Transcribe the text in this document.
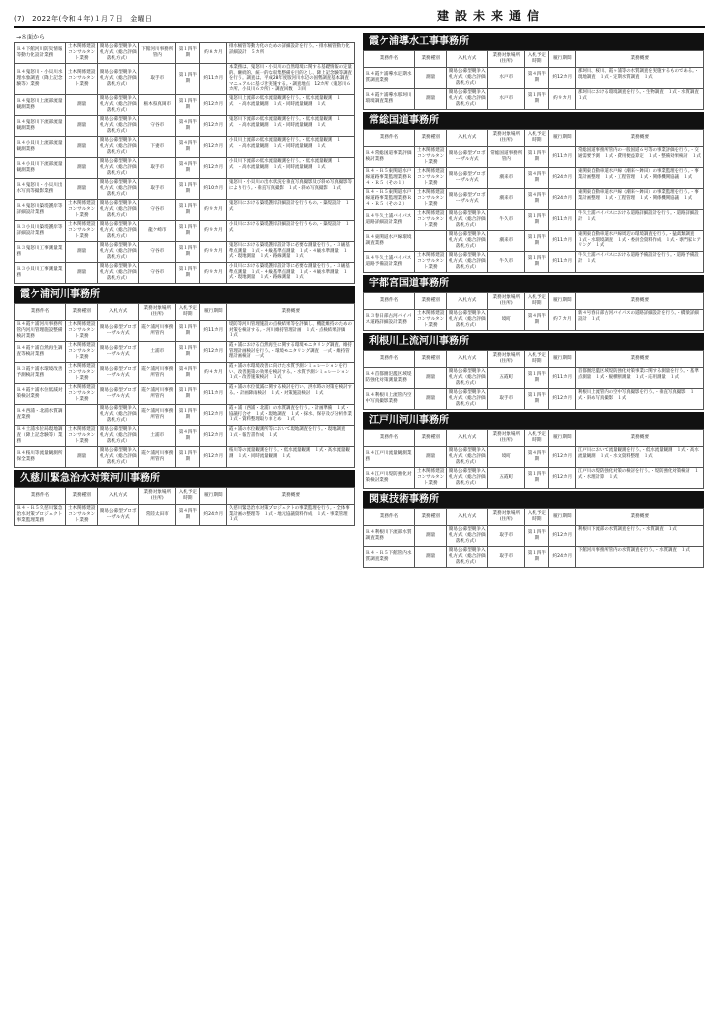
(7)　 2022年(令和４年)１月７日　金曜日	建設未来通信
→８面から
Ｒ４下館河川防災情報等動力化設計業務	土木関係建設コンサルタント業務	簡易公募型競争入札方式（総合評価落札方式）	下館河川事務所管内	第１四半期	約８カ月	排水桶管等動力化のための詳細設計を行う。・排水桶管動力化詳細設計　５カ所
Ｒ４鬼怒川・小貝川水理水象調査（降上記念験等）業務	土木関係建設コンサルタント業務	簡易公募型競争入札方式（総合評価落札方式）	取手市	第１四半期	約11カ月	本業務は、鬼怒川・小貝川の自然環境に関する基礎情報の定量的、継続的、統一的な収集整備を目的とし、降上記念験等調査を行う。調査は、平成28年度版河川水辺の国勢調査基本調査マニュアルに基づき実施する。・調査地点　12カ所（鬼怒川６カ所、小貝川６カ所）・調査回数　３回
Ｒ４鬼怒川上流部流量観測業務	測量	簡易公募型競争入札方式（総合評価落札方式）	栃木県真岡市	第１四半期	約12カ月	鬼怒川上流部の低水流量観測を行う。・低水流量観測　１式　・高水流量観測　１式・同時流量観測　１式
Ｒ４鬼怒川下流部流量観測業務	測量	簡易公募型競争入札方式（総合評価落札方式）	守谷市	第４四半期	約12カ月	鬼怒川下流部の低水流量観測を行う。・低水流量観測　１式　・高水流量観測　１式・同時流量観測　１式
Ｒ４小貝川上流部流量観測業務	測量	簡易公募型競争入札方式（総合評価落札方式）	下妻市	第４四半期	約12カ月	小貝川上流部の低水流量観測を行う。・低水流量観測　１式　・高水流量観測　１式・同時流量観測　１式
Ｒ４小貝川下流部流量観測業務	測量	簡易公募型競争入札方式（総合評価落札方式）	取手市	第４四半期	約12カ月	小貝川下流部の低水流量観測を行う。・低水流量観測　１式　・高水流量観測　１式・同時流量観測　１式
Ｒ４鬼怒川・小貝川出水写真等撮影業務	測量	簡易公募型競争入札方式（総合評価落札方式）	取手市	第１四半期	約10カ月	鬼怒川・小貝川の出水状況を垂直写真撮影及び斜め写真撮影等により行う。・垂直写真撮影　１式・斜め写真撮影　１式
Ｒ４鬼怒川築堤護岸等詳細設計業務	土木関係建設コンサルタント業務	簡易公募型競争入札方式（総合評価落札方式）	守谷市	第１四半期	約９カ月	鬼怒川における築堤護岸詳細設計を行うもの。・築堤設計　１式
Ｒ３小貝川築堤護岸等詳細設計業務	土木関係建設コンサルタント業務	簡易公募型競争入札方式（総合評価落札方式）	龍ケ崎市	第１四半期	約９カ月	小貝川における築堤護岸詳細設計を行うもの。・築堤設計　１式
Ｒ３鬼怒川工事測量業務	測量	簡易公募型競争入札方式（総合評価落札方式）	守谷市	第１四半期	約９カ月	鬼怒川における築堤護岸設計等に必要な測量を行う。・３級基準点測量　１式・４級基準点測量　１式・４級水準測量　１式・現地測量　１式・路線測量　１式
Ｒ３小貝川工事測量業務	測量	簡易公募型競争入札方式（総合評価落札方式）	守谷市	第１四半期	約９カ月	小貝川における築堤護岸設計等に必要な測量を行う。・３級基準点測量　１式・４級基準点測量　１式・４級水準測量　１式・現地測量　１式・路線測量　１式
霞ケ浦河川事務所
業務件名	業務種別	入札方式	業務対象場所(住所)	入札予定時期	履行期間	業務概要
Ｒ４霞ケ浦河川事務所管内河川管理施設整備検討業務	土木関係建設コンサルタント業務	簡易公募型プロポーザル方式	霞ケ浦河川事務所管内	第１四半期	約11カ月	堤防等河川管理施設の点検結果等を評価し、機能維持のための対策を検討する。・河川維持管理計画　１式・点検結果評価　１式
Ｒ４霞ケ浦自然再生調査等検討業務	土木関係建設コンサルタント業務	簡易公募型プロポーザル方式	土浦市	第１四半期	約12カ月	霞ヶ浦における自然再生に関する環境モニタリング調査、維持管理計画検討を行う。・環境モニタリング調査　一式・維持管理計画検討　一式
Ｒ３霞ケ浦水環境改善予測検討業務	土木関係建設コンサルタント業務	簡易公募型プロポーザル方式	霞ケ浦河川事務所管内	第４四半期	約４カ月	霞ヶ浦の水環境改善に向けた水質予測シミュレーションを行い、改善施策の効果を検討する。・水質予測シミュレーション　１式・改善施策検討　１式
Ｒ４霞ケ浦水位低減対策検討業務	土木関係建設コンサルタント業務	簡易公募型プロポーザル方式	霞ケ浦河川事務所管内	第１四半期	約11カ月	霞ヶ浦の水位低減に関する検討を行い、洪水時の対策を検討する。・計画降雨検討　１式・対策施設検討　１式
Ｒ４西浦・北浦水質調査業務		簡易公募型競争入札方式（総合評価落札方式）	霞ケ浦河川事務所管内	第１四半期	約12カ月	霞ヶ浦（西浦・北浦）の水質調査を行う。・計画準備　１式・協議打合せ　１式・現地調査　１式・採水、保存及び分析作業　１式・資料整理取りまとめ　１式
Ｒ４土浦水位局現地調査（降上記念験等）業務	土木関係建設コンサルタント業務	簡易公募型競争入札方式（総合評価落札方式）	土浦市	第４四半期	約12カ月	霞ヶ浦の水位観測所等において現地調査を行う。・現地調査　１式・報告書作成　１式
Ｒ４桜川等流量観測所保全業務	測量	簡易公募型競争入札方式（総合評価落札方式）	霞ケ浦河川事務所管内	第１四半期	約12カ月	桜川等の流量観測を行う。・低水流量観測　１式・高水流量観測　１式・同時流量観測　１式
久慈川緊急治水対策河川事務所
業務件名	業務種別	入札方式	業務対象場所(住所)	入札予定時期	履行期間	業務概要
Ｒ４・Ｒ５久慈川緊急治水対策プロジェクト事業監理業務	土木関係建設コンサルタント業務	簡易公募型プロポーザル方式	常陸太田市	第４四半期	約24カ月	久慈川緊急治水対策プロジェクトの事業監理を行う。・全体事業計画の整理等　１式・地元協議資料作成　１式・事業管理　１式
霞ケ浦導水工事事務所
業務件名	業務種別	入札方式	業務対象場所(住所)	入札予定時期	履行期間	業務概要
Ｒ４霞ケ浦導水定期水質調査業務	測量	簡易公募型競争入札方式（総合評価落札方式）	水戸市	第４四半期	約12カ月	那珂川、桜川、霞ヶ浦等の水質調査を実施するものである。・現地調査　１式・定期水質調査　１式
Ｒ４霞ケ浦導水那珂川環境調査業務	測量	簡易公募型競争入札方式（総合評価落札方式）	水戸市	第１四半期	約９カ月	那珂川における環境調査を行う。・生物調査　１式・水質調査　１式
常総国道事務所
業務件名	業務種別	入札方式	業務対象場所(住所)	入札予定時期	履行期間	業務概要
Ｒ４常総国道事業評価検討業務	土木関係建設コンサルタント業務	簡易公募型プロポーザル方式	常総国道事務所管内	第１四半期	約11カ月	常総国道事務所管内の一般国道６号等の事業評価を行う。・交通需要予測　１式・費用便益算定　１式・整備効果検討　１式
Ｒ４・Ｒ５東関道水戸線道路事業監理業務Ｒ４・Ｒ５（その１）	土木関係建設コンサルタント業務	簡易公募型プロポーザル方式	潮来市	第４四半期	約24カ月	東関東自動車道水戸線（潮来〜鉾田）の事業監理を行う。・事業計画整理　１式・工程管理　１式・関係機関協議　１式
Ｒ４・Ｒ５東関道水戸線道路事業監理業務Ｒ４・Ｒ５（その２）	土木関係建設コンサルタント業務	簡易公募型プロポーザル方式	潮来市	第４四半期	約24カ月	東関東自動車道水戸線（潮来〜鉾田）の事業監理を行う。・事業計画整理　１式・工程管理　１式・関係機関協議　１式
Ｒ４牛久土浦バイパス道路詳細設計業務	土木関係建設コンサルタント業務	簡易公募型競争入札方式（総合評価落札方式）	牛久市	第１四半期	約11カ月	牛久土浦バイパスにおける道路詳細設計を行う。・道路詳細設計　１式
Ｒ４東関道水戸線環境調査業務		簡易公募型競争入札方式（総合評価落札方式）	潮来市	第１四半期	約11カ月	東関東自動車道水戸線周辺の環境調査を行う。・猛禽類調査　１式・水環境調査　１式・委員会資料作成　１式・専門家ヒアリング　１式
Ｒ４牛久土浦バイパス道路予備設計業務	土木関係建設コンサルタント業務	簡易公募型競争入札方式（総合評価落札方式）	牛久市	第１四半期	約11カ月	牛久土浦バイパスにおける道路予備設計を行う。・道路予備設計　１式
宇都宮国道事務所
業務件名	業務種別	入札方式	業務対象場所(住所)	入札予定時期	履行期間	業務概要
Ｒ３春日部古河バイパス道路詳細設計業務	土木関係建設コンサルタント業務	簡易公募型競争入札方式（総合評価落札方式）	境町	第４四半期	約７カ月	新４号春日部古河バイパスの道路詳細設計を行う。・橋梁詳細設計　１式
利根川上流河川事務所
業務件名	業務種別	入札方式	業務対象場所(住所)	入札予定時期	履行期間	業務概要
Ｒ４首都圏氾濫区域堤防強化対策測量業務	測量	簡易公募型競争入札方式（総合評価落札方式）	五霞町	第１四半期	約11カ月	首都圏氾濫区域堤防強化対策事業に関する測量を行う。・基準点測量　１式・縦横断測量　１式・応用測量　１式
Ｒ４利根川上流管内空中写真撮影業務	測量	簡易公募型競争入札方式（総合評価落札方式）	取手市	第１四半期	約12カ月	利根川上流管内の空中写真撮影を行う。・垂直写真撮影　１式・斜め写真撮影　１式
江戸川河川事務所
業務件名	業務種別	入札方式	業務対象場所(住所)	入札予定時期	履行期間	業務概要
Ｒ４江戸川流量観測業務	測量	簡易公募型競争入札方式（総合評価落札方式）	境町	第４四半期	約12カ月	江戸川において流量観測を行う。・低水流量観測　１式・高水流量観測　１式・水文資料整理　１式
Ｒ４江戸川堤防強化対策検討業務	土木関係建設コンサルタント業務	簡易公募型競争入札方式（総合評価落札方式）	五霞町	第１四半期	約12カ月	江戸川の堤防強化対策の検討を行う。・堤防強化対策検討　１式・水理計算　１式
関東技術事務所
業務件名	業務種別	入札方式	業務対象場所(住所)	入札予定時期	履行期間	業務概要
Ｒ４利根川下流部水質調査業務	測量	簡易公募型競争入札方式（総合評価落札方式）	取手市	第１四半期	約12カ月	利根川下流部の水質調査を行う。・水質調査　１式
Ｒ４・Ｒ５下館管内水質調査業務	測量	簡易公募型競争入札方式（総合評価落札方式）	取手市	第１四半期	約24カ月	下館河川事務所管内の水質調査を行う。・水質調査　１式
